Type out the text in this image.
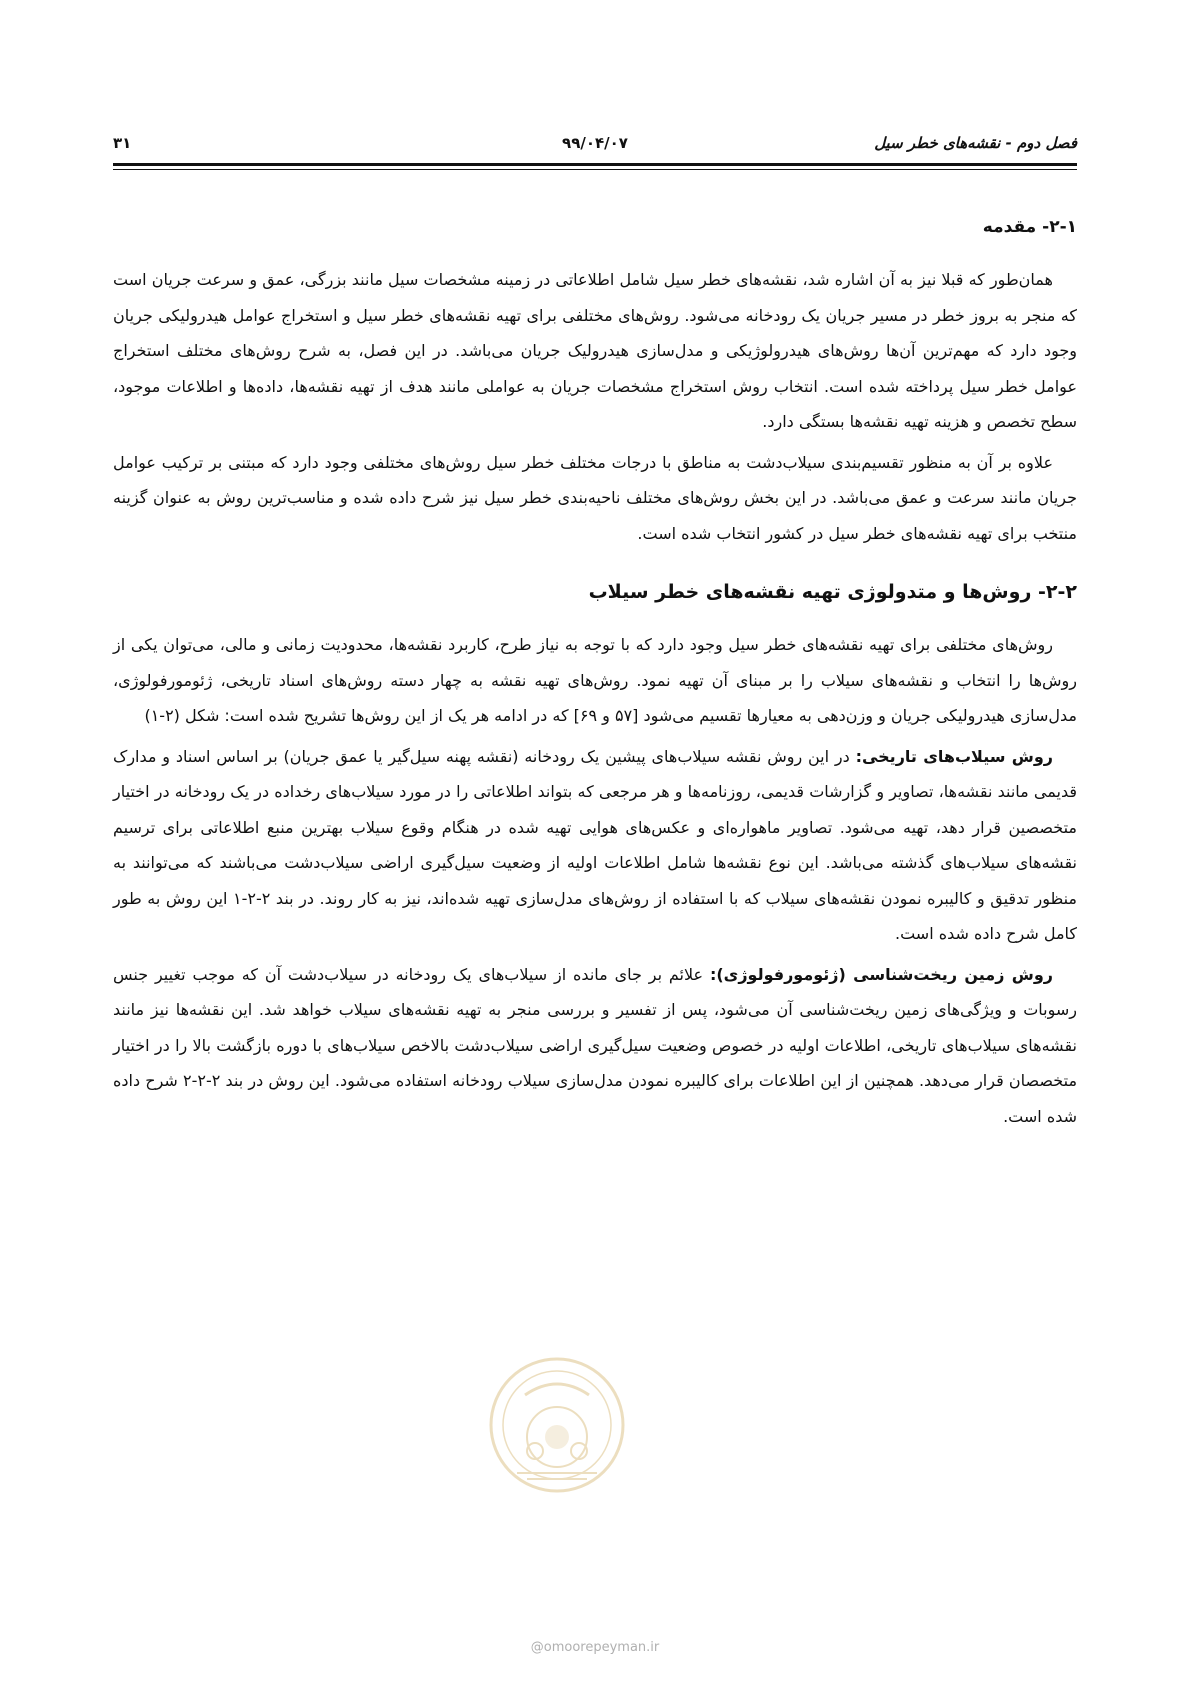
فصل دوم - نقشه‌های خطر سیل
۹۹/۰۴/۰۷
۳۱
۲-۱- مقدمه

همان‌طور که قبلا نیز به آن اشاره شد، نقشه‌های خطر سیل شامل اطلاعاتی در زمینه مشخصات سیل مانند بزرگی، عمق و سرعت جریان است که منجر به بروز خطر در مسیر جریان یک رودخانه می‌شود. روش‌های مختلفی برای تهیه نقشه‌های خطر سیل و استخراج عوامل هیدرولیکی جریان وجود دارد که مهم‌ترین آن‌ها روش‌های هیدرولوژیکی و مدل‌سازی هیدرولیک جریان می‌باشد. در این فصل، به شرح روش‌های مختلف استخراج عوامل خطر سیل پرداخته شده است. انتخاب روش استخراج مشخصات جریان به عواملی مانند هدف از تهیه نقشه‌ها، داده‌ها و اطلاعات موجود، سطح تخصص و هزینه تهیه نقشه‌ها بستگی دارد.

علاوه بر آن به منظور تقسیم‌بندی سیلاب‌دشت به مناطق با درجات مختلف خطر سیل روش‌های مختلفی وجود دارد که مبتنی بر ترکیب عوامل جریان مانند سرعت و عمق می‌باشد. در این بخش روش‌های مختلف ناحیه‌بندی خطر سیل نیز شرح داده شده و مناسب‌ترین روش به عنوان گزینه منتخب برای تهیه نقشه‌های خطر سیل در کشور انتخاب شده است.

۲-۲- روش‌ها و متدولوژی تهیه نقشه‌های خطر سیلاب

روش‌های مختلفی برای تهیه نقشه‌های خطر سیل وجود دارد که با توجه به نیاز طرح، کاربرد نقشه‌ها، محدودیت زمانی و مالی، می‌توان یکی از روش‌ها را انتخاب و نقشه‌های سیلاب را بر مبنای آن تهیه نمود. روش‌های تهیه نقشه به چهار دسته روش‌های اسناد تاریخی، ژئومورفولوژی، مدل‌سازی هیدرولیکی جریان و وزن‌دهی به معیارها تقسیم می‌شود [۵۷ و ۶۹] که در ادامه هر یک از این روش‌ها تشریح شده است: شکل (۲-۱)

روش سیلاب‌های تاریخی: در این روش نقشه سیلاب‌های پیشین یک رودخانه (نقشه پهنه سیل‌گیر یا عمق جریان) بر اساس اسناد و مدارک قدیمی مانند نقشه‌ها، تصاویر و گزارشات قدیمی، روزنامه‌ها و هر مرجعی که بتواند اطلاعاتی را در مورد سیلاب‌های رخداده در یک رودخانه در اختیار متخصصین قرار دهد، تهیه می‌شود. تصاویر ماهواره‌ای و عکس‌های هوایی تهیه شده در هنگام وقوع سیلاب بهترین منبع اطلاعاتی برای ترسیم نقشه‌های سیلاب‌های گذشته می‌باشد. این نوع نقشه‌ها شامل اطلاعات اولیه از وضعیت سیل‌گیری اراضی سیلاب‌دشت می‌باشند که می‌توانند به منظور تدقیق و کالیبره نمودن نقشه‌های سیلاب که با استفاده از روش‌های مدل‌سازی تهیه شده‌اند، نیز به کار روند. در بند ۲-۲-۱ این روش به طور کامل شرح داده شده است.

روش زمین ریخت‌شناسی (ژئومورفولوژی): علائم بر جای مانده از سیلاب‌های یک رودخانه در سیلاب‌دشت آن که موجب تغییر جنس رسوبات و ویژگی‌های زمین ریخت‌شناسی آن می‌شود، پس از تفسیر و بررسی منجر به تهیه نقشه‌های سیلاب خواهد شد. این نقشه‌ها نیز مانند نقشه‌های سیلاب‌های تاریخی، اطلاعات اولیه در خصوص وضعیت سیل‌گیری اراضی سیلاب‌دشت بالاخص سیلاب‌های با دوره بازگشت بالا را در اختیار متخصصان قرار می‌دهد. همچنین از این اطلاعات برای کالیبره نمودن مدل‌سازی سیلاب رودخانه استفاده می‌شود. این روش در بند ۲-۲-۲ شرح داده شده است.

@omoorepeyman.ir
